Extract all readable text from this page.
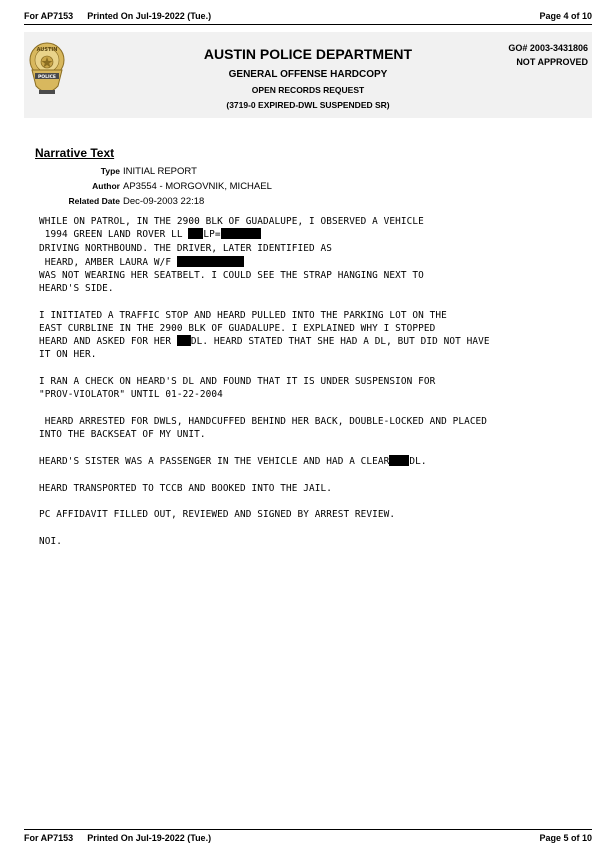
For AP7153 Printed On Jul-19-2022 (Tue.)	Page 4 of 10
AUSTIN
POLICE
AUSTIN POLICE DEPARTMENT
GENERAL OFFENSE HARDCOPY
OPEN RECORDS REQUEST
(3719-0 EXPIRED-DWL SUSPENDED SR)
GO# 2003-3431806
NOT APPROVED
Narrative Text
Type INITIAL REPORT
Author AP3554 - MORGOVNIK, MICHAEL
Related Date Dec-09-2003 22:18
WHILE ON PATROL, IN THE 2900 BLK OF GUADALUPE, I OBSERVED A VEHICLE
1994 GREEN LAND ROVER LL LP=
DRIVING NORTHBOUND. THE DRIVER, LATER IDENTIFIED AS
HEARD, AMBER LAURA W/F
WAS NOT WEARING HER SEATBELT. I COULD SEE THE STRAP HANGING NEXT TO
HEARD'S SIDE.
I INITIATED A TRAFFIC STOP AND HEARD PULLED INTO THE PARKING LOT ON THE
EAST CURBLINE IN THE 2900 BLK OF GUADALUPE. I EXPLAINED WHY I STOPPED
HEARD AND ASKED FOR HER DL. HEARD STATED THAT SHE HAD A DL, BUT DID NOT HAVE
IT ON HER.
I RAN A CHECK ON HEARD'S DL AND FOUND THAT IT IS UNDER SUSPENSION FOR
"PROV-VIOLATOR" UNTIL 01-22-2004
HEARD ARRESTED FOR DWLS, HANDCUFFED BEHIND HER BACK, DOUBLE-LOCKED AND PLACED
INTO THE BACKSEAT OF MY UNIT.
HEARD'S SISTER WAS A PASSENGER IN THE VEHICLE AND HAD A CLEAR DL.
HEARD TRANSPORTED TO TCCB AND BOOKED INTO THE JAIL.
PC AFFIDAVIT FILLED OUT, REVIEWED AND SIGNED BY ARREST REVIEW.
NOI.
For AP7153 Printed On Jul-19-2022 (Tue.)	Page 5 of 10
